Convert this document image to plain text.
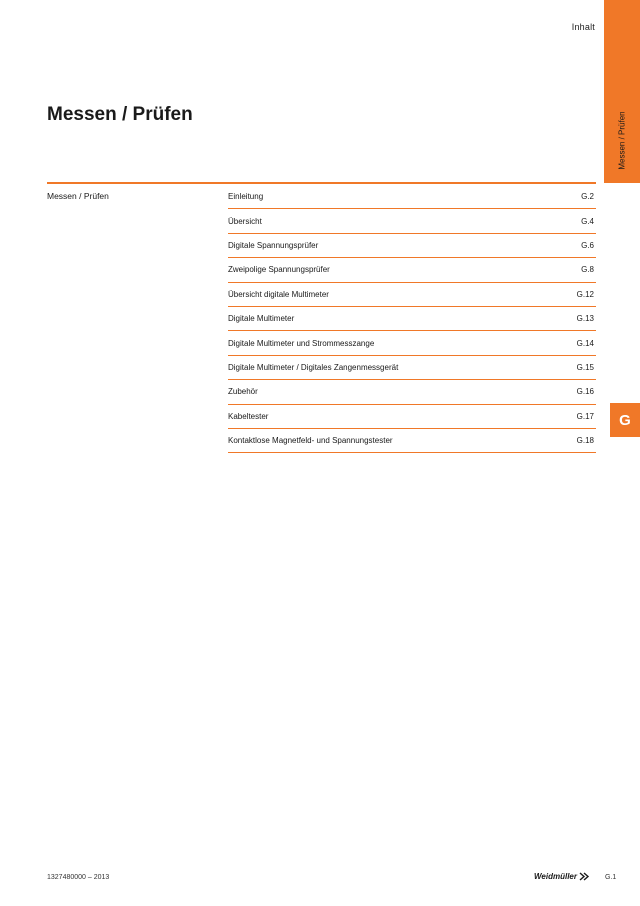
Inhalt
Messen / Prüfen
G
Messen / Prüfen
Messen / Prüfen	Einleitung	G.2
Übersicht	G.4
Digitale Spannungsprüfer	G.6
Zweipolige Spannungsprüfer	G.8
Übersicht digitale Multimeter	G.12
Digitale Multimeter	G.13
Digitale Multimeter und Strommesszange	G.14
Digitale Multimeter / Digitales Zangenmessgerät	G.15
Zubehör	G.16
Kabeltester	G.17
Kontaktlose Magnetfeld- und Spannungstester	G.18
1327480000 – 2013	Weidmüller	G.1
